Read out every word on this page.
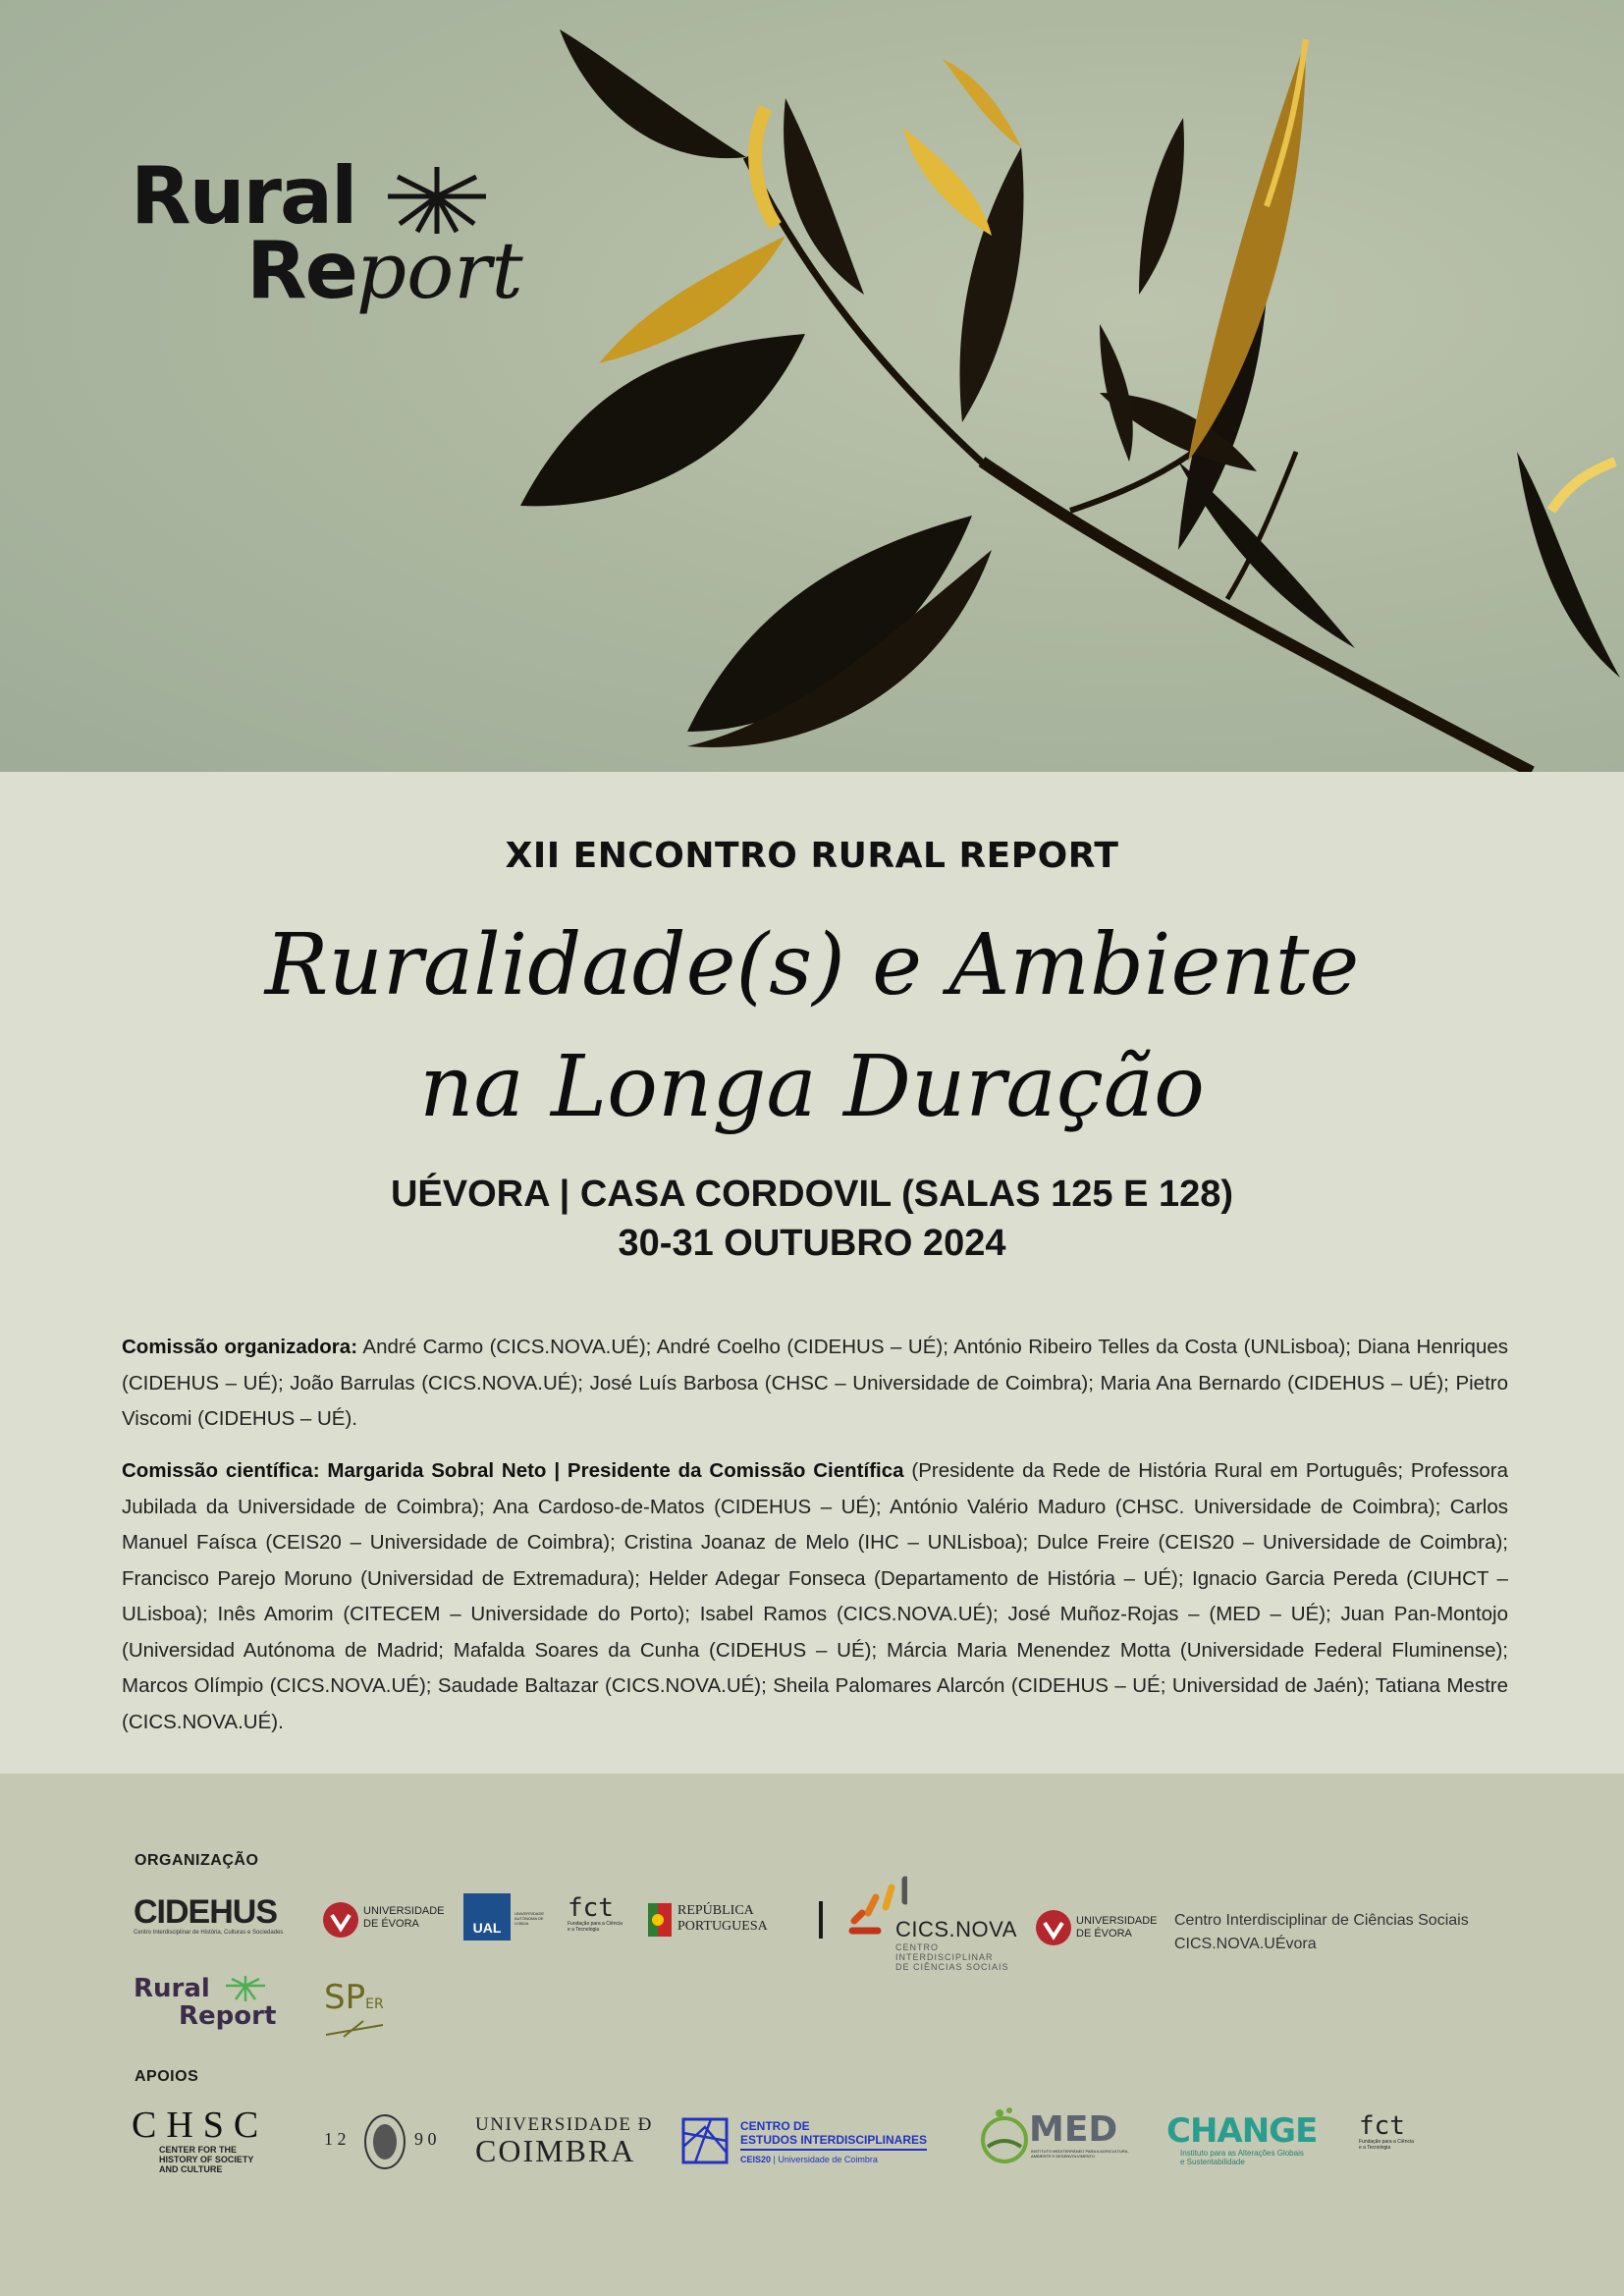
Rural
Report
XII ENCONTRO RURAL REPORT
Ruralidade(s) e Ambiente
na Longa Duração
UÉVORA | CASA CORDOVIL (SALAS 125 E 128)
30-31 OUTUBRO 2024

Comissão organizadora: André Carmo (CICS.NOVA.UÉ); André Coelho (CIDEHUS – UÉ); António Ribeiro Telles da Costa (UNLisboa); Diana Henriques (CIDEHUS – UÉ); João Barrulas (CICS.NOVA.UÉ); José Luís Barbosa (CHSC – Universidade de Coimbra); Maria Ana Bernardo (CIDEHUS – UÉ); Pietro Viscomi (CIDEHUS – UÉ).

Comissão científica: Margarida Sobral Neto | Presidente da Comissão Científica (Presidente da Rede de História Rural em Português; Professora Jubilada da Universidade de Coimbra); Ana Cardoso-de-Matos (CIDEHUS – UÉ); António Valério Maduro (CHSC. Universidade de Coimbra); Carlos Manuel Faísca (CEIS20 – Universidade de Coimbra); Cristina Joanaz de Melo (IHC – UNLisboa); Dulce Freire (CEIS20 – Universidade de Coimbra); Francisco Parejo Moruno (Universidad de Extremadura); Helder Adegar Fonseca (Departamento de História – UÉ); Ignacio Garcia Pereda (CIUHCT – ULisboa); Inês Amorim (CITECEM – Universidade do Porto); Isabel Ramos (CICS.NOVA.UÉ); José Muñoz-Rojas – (MED – UÉ); Juan Pan-Montojo (Universidad Autónoma de Madrid; Mafalda Soares da Cunha (CIDEHUS – UÉ); Márcia Maria Menendez Motta (Universidade Federal Fluminense); Marcos Olímpio (CICS.NOVA.UÉ); Saudade Baltazar (CICS.NOVA.UÉ); Sheila Palomares Alarcón (CIDEHUS – UÉ; Universidad de Jaén); Tatiana Mestre (CICS.NOVA.UÉ).

ORGANIZAÇÃO
CIDEHUS
Centro Interdisciplinar de História, Culturas e Sociedades
UNIVERSIDADE
DE ÉVORA	UAL
UNIVERSIDADE AUTÓNOMA DE LISBOA
fct
Fundação para a Ciência e a Tecnologia
REPÚBLICA
PORTUGUESA	CICS.NOVA
CENTRO INTERDISCIPLINAR
DE CIÊNCIAS SOCIAIS
UNIVERSIDADE
DE ÉVORA
Centro Interdisciplinar de Ciências Sociais
CICS.NOVA.UÉvora
Rural
Report SPER
APOIOS
CHSC
CENTER FOR THE
HISTORY OF SOCIETY
AND CULTURE
1 2	9 0
UNIVERSIDADE Ð
COIMBRA
CENTRO DE
ESTUDOS INTERDISCIPLINARES
CEIS20 | Universidade de Coimbra
MED
INSTITUTO MEDITERRÂNEO PARA A AGRICULTURA,
AMBIENTE E DESENVOLVIMENTO
CHANGE
Instituto para as Alterações Globais
e Sustentabilidade
fct
Fundação para a Ciência e a Tecnologia
